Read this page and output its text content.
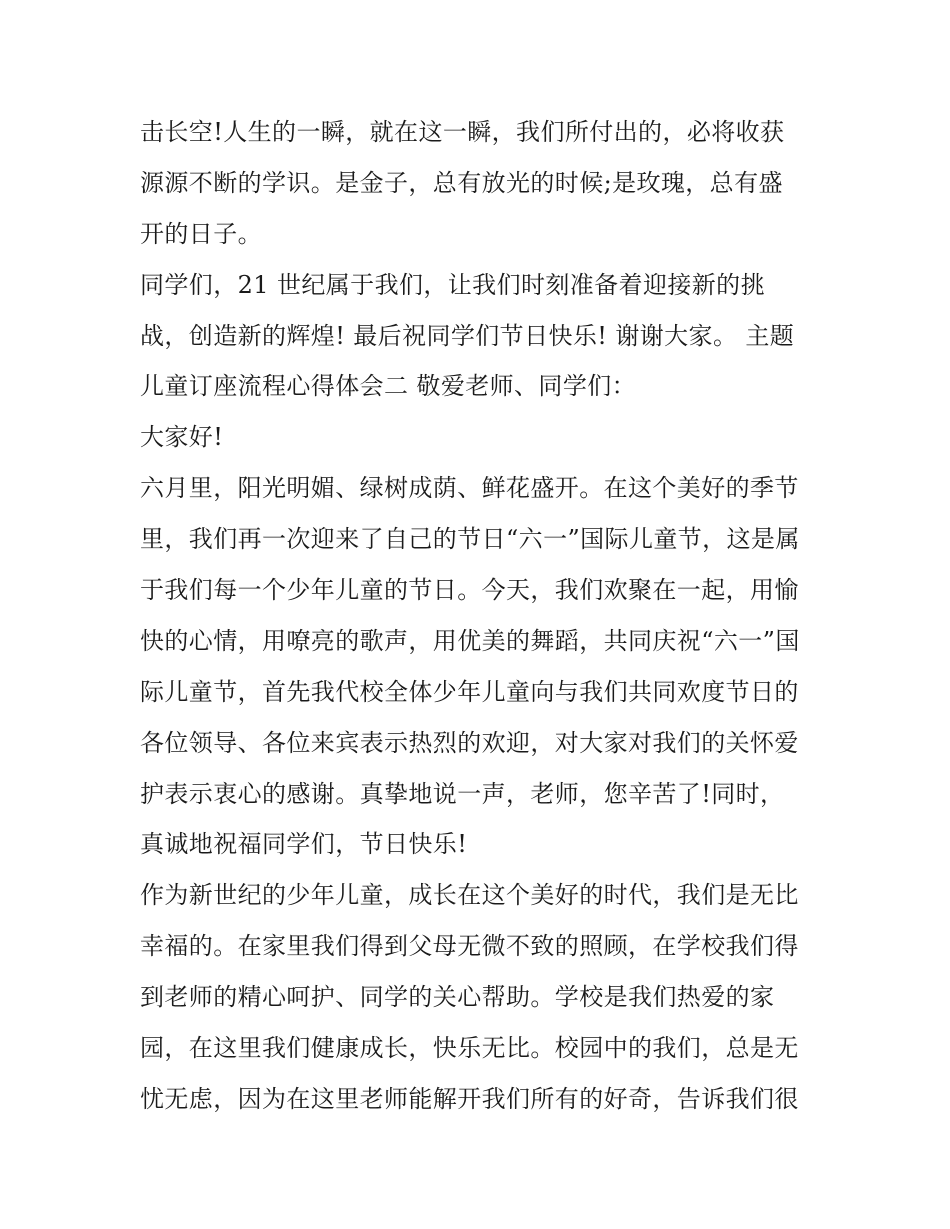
击长空!人生的一瞬，就在这一瞬，我们所付出的，必将收获
源源不断的学识。是金子，总有放光的时候;是玫瑰，总有盛
开的日子。
同学们，21 世纪属于我们，让我们时刻准备着迎接新的挑
战，创造新的辉煌! 最后祝同学们节日快乐! 谢谢大家。 主题
儿童订座流程心得体会二 敬爱老师、同学们：
大家好!
六月里，阳光明媚、绿树成荫、鲜花盛开。在这个美好的季节
里，我们再一次迎来了自己的节日“六一”国际儿童节，这是属
于我们每一个少年儿童的节日。今天，我们欢聚在一起，用愉
快的心情，用嘹亮的歌声，用优美的舞蹈，共同庆祝“六一”国
际儿童节，首先我代校全体少年儿童向与我们共同欢度节日的
各位领导、各位来宾表示热烈的欢迎，对大家对我们的关怀爱
护表示衷心的感谢。真挚地说一声，老师，您辛苦了!同时，
真诚地祝福同学们，节日快乐!
作为新世纪的少年儿童，成长在这个美好的时代，我们是无比
幸福的。在家里我们得到父母无微不致的照顾，在学校我们得
到老师的精心呵护、同学的关心帮助。学校是我们热爱的家
园，在这里我们健康成长，快乐无比。校园中的我们，总是无
忧无虑，因为在这里老师能解开我们所有的好奇，告诉我们很
